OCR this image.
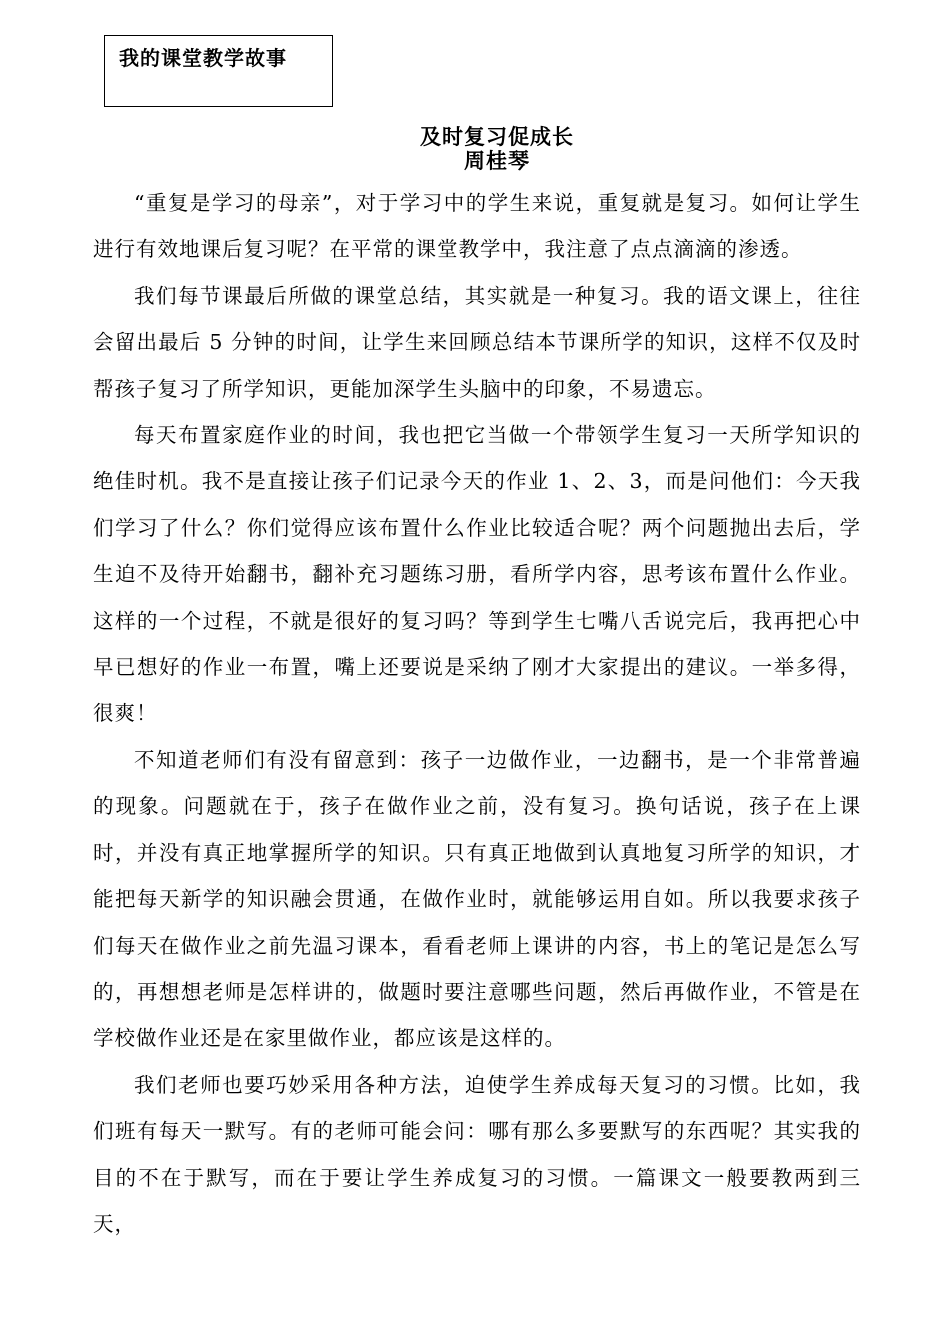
我的课堂教学故事
及时复习促成长
周桂琴

“重复是学习的母亲”，对于学习中的学生来说，重复就是复习。如何让学生进行有效地课后复习呢？在平常的课堂教学中，我注意了点点滴滴的渗透。

我们每节课最后所做的课堂总结，其实就是一种复习。我的语文课上，往往会留出最后 5 分钟的时间，让学生来回顾总结本节课所学的知识，这样不仅及时帮孩子复习了所学知识，更能加深学生头脑中的印象，不易遗忘。

每天布置家庭作业的时间，我也把它当做一个带领学生复习一天所学知识的绝佳时机。我不是直接让孩子们记录今天的作业 1、2、3，而是问他们：今天我们学习了什么？你们觉得应该布置什么作业比较适合呢？两个问题抛出去后，学生迫不及待开始翻书，翻补充习题练习册，看所学内容，思考该布置什么作业。这样的一个过程，不就是很好的复习吗？等到学生七嘴八舌说完后，我再把心中早已想好的作业一布置，嘴上还要说是采纳了刚才大家提出的建议。一举多得，很爽！

不知道老师们有没有留意到：孩子一边做作业，一边翻书，是一个非常普遍的现象。问题就在于，孩子在做作业之前，没有复习。换句话说，孩子在上课时，并没有真正地掌握所学的知识。只有真正地做到认真地复习所学的知识，才能把每天新学的知识融会贯通，在做作业时，就能够运用自如。所以我要求孩子们每天在做作业之前先温习课本，看看老师上课讲的内容，书上的笔记是怎么写的，再想想老师是怎样讲的，做题时要注意哪些问题，然后再做作业，不管是在学校做作业还是在家里做作业，都应该是这样的。

我们老师也要巧妙采用各种方法，迫使学生养成每天复习的习惯。比如，我们班有每天一默写。有的老师可能会问：哪有那么多要默写的东西呢？其实我的目的不在于默写，而在于要让学生养成复习的习惯。一篇课文一般要教两到三天，
